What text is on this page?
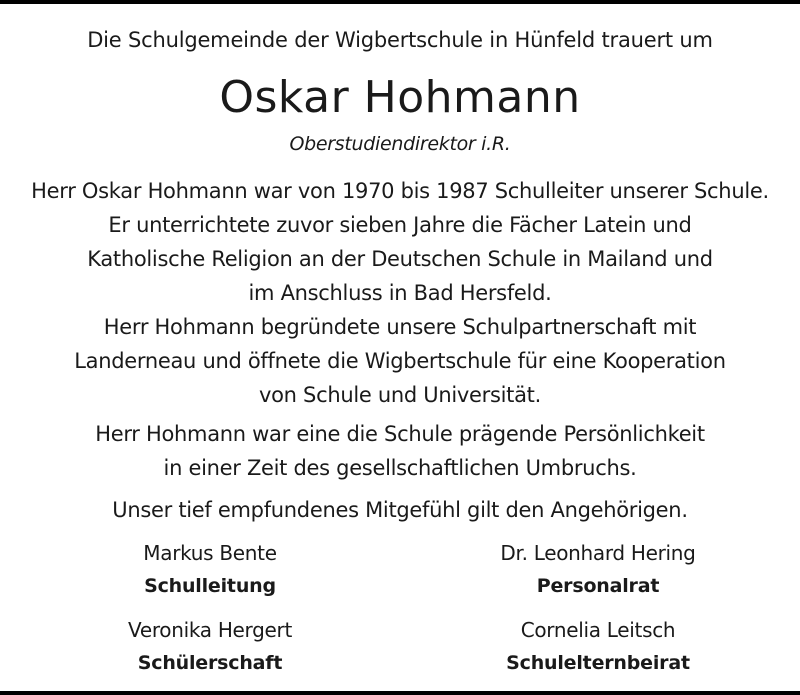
Die Schulgemeinde der Wigbertschule in Hünfeld trauert um
Oskar Hohmann
Oberstudiendirektor i.R.
Herr Oskar Hohmann war von 1970 bis 1987 Schulleiter unserer Schule.
Er unterrichtete zuvor sieben Jahre die Fächer Latein und
Katholische Religion an der Deutschen Schule in Mailand und
im Anschluss in Bad Hersfeld.
Herr Hohmann begründete unsere Schulpartnerschaft mit
Landerneau und öffnete die Wigbertschule für eine Kooperation
von Schule und Universität.
Herr Hohmann war eine die Schule prägende Persönlichkeit
in einer Zeit des gesellschaftlichen Umbruchs.
Unser tief empfundenes Mitgefühl gilt den Angehörigen.
Markus Bente
Schulleitung
Dr. Leonhard Hering
Personalrat
Veronika Hergert
Schülerschaft
Cornelia Leitsch
Schulelternbeirat
